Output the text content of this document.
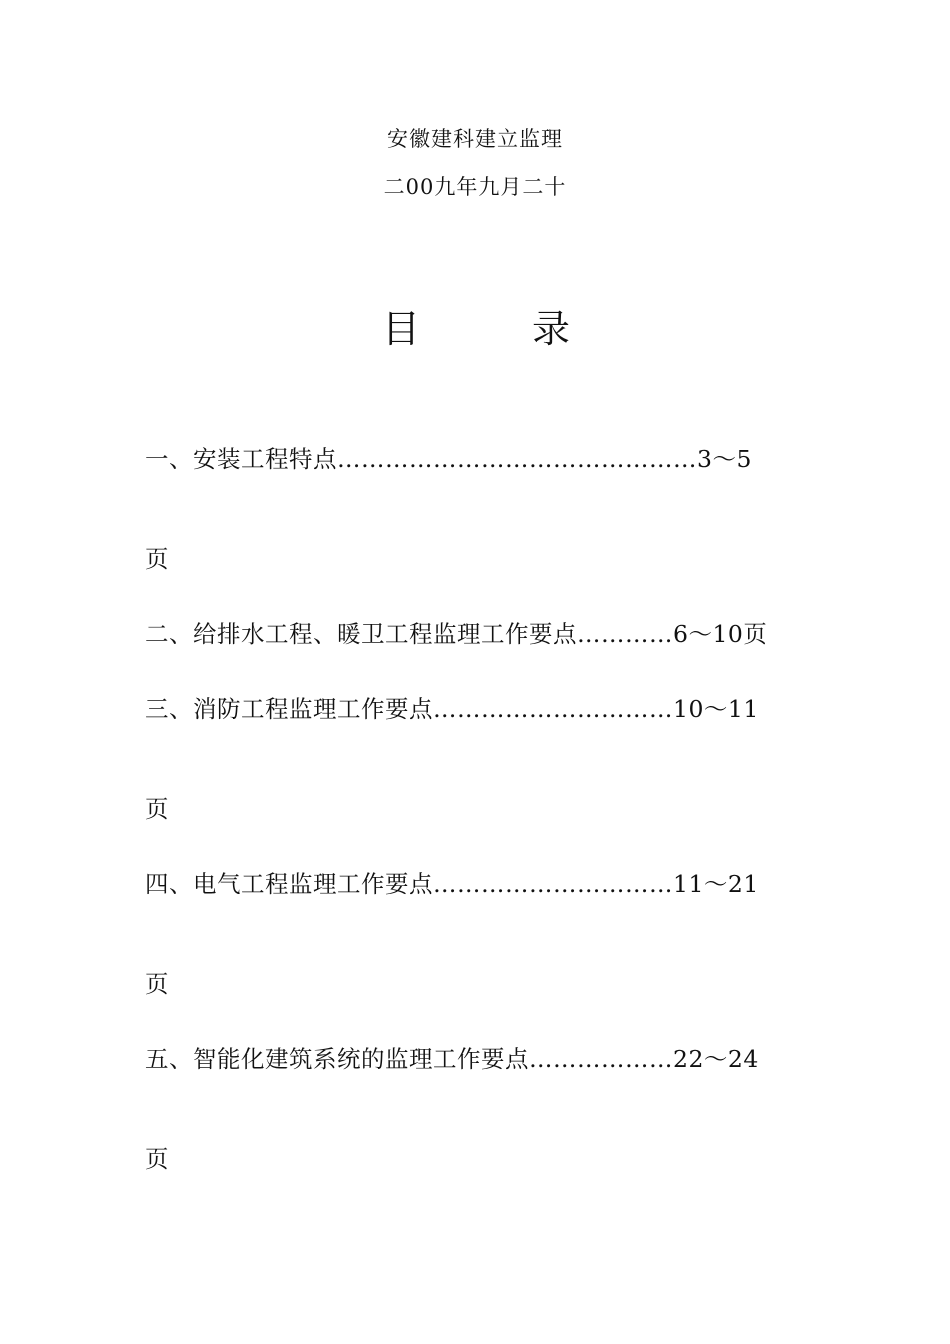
安徽建科建立监理
二00九年九月二十
目	录
一、安装工程特点………………………………………3～5
页
二、给排水工程、暖卫工程监理工作要点…………6～10页
三、消防工程监理工作要点…………………………10～11
页
四、电气工程监理工作要点…………………………11～21
页
五、智能化建筑系统的监理工作要点………………22～24
页
